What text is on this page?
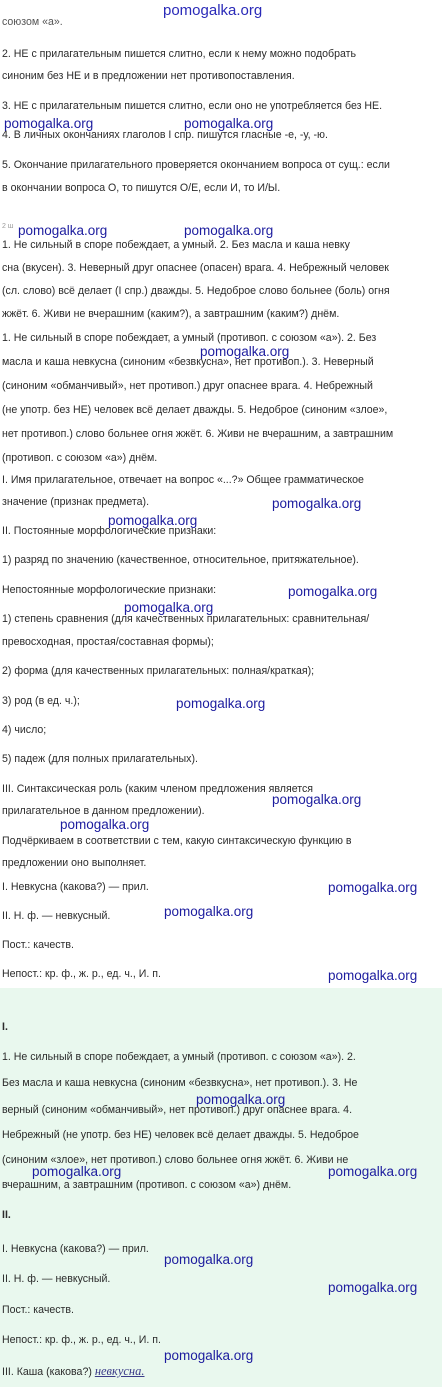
pomogalka.org
союзом «а».
2. НЕ с прилагательным пишется слитно, если к нему можно подобрать
синоним без НЕ и в предложении нет противопоставления.
3. НЕ с прилагательным пишется слитно, если оно не употребляется без НЕ.
4. В личных окончаниях глаголов I спр. пишутся гласные -е, -у, -ю.
5. Окончание прилагательного проверяется окончанием вопроса от сущ.: если
в окончании вопроса О, то пишутся О/Е, если И, то И/Ы.
pomogalka.org	pomogalka.org
2 ш pomogalka.org	pomogalka.org
1. Не сильный в споре побеждает, а умный. 2. Без масла и каша невку
сна (вкусен). 3. Неверный друг опаснее (опасен) врага. 4. Небрежный человек
(сл. слово) всё делает (I спр.) дважды. 5. Недоброе слово больнее (боль) огня
жжёт. 6. Живи не вчерашним (каким?), а завтрашним (каким?) днём.
1. Не сильный в споре побеждает, а умный (противоп. с союзом «а»). 2. Без
pomogalka.org
масла и каша невкусна (синоним «безвкусна», нет противоп.). 3. Неверный
(синоним «обманчивый», нет противоп.) друг опаснее врага. 4. Небрежный
(не употр. без НЕ) человек всё делает дважды. 5. Недоброе (синоним «злое»,
нет противоп.) слово больнее огня жжёт. 6. Живи не вчерашним, а завтрашним
(противоп. с союзом «а») днём.
I. Имя прилагательное, отвечает на вопрос «...?» Общее грамматическое
значение (признак предмета).	pomogalka.org
pomogalka.org
II. Постоянные морфологические признаки:
1) разряд по значению (качественное, относительное, притяжательное).
Непостоянные морфологические признаки:	pomogalka.org
pomogalka.org
1) степень сравнения (для качественных прилагательных: сравнительная/
превосходная, простая/составная формы);
2) форма (для качественных прилагательных: полная/краткая);
3) род (в ед. ч.);	pomogalka.org
4) число;
5) падеж (для полных прилагательных).
III. Синтаксическая роль (каким членом предложения является
pomogalka.org
прилагательное в данном предложении).
pomogalka.org
Подчёркиваем в соответствии с тем, какую синтаксическую функцию в
предложении оно выполняет.
I. Невкусна (какова?) — прил.	pomogalka.org
pomogalka.org
II. Н. ф. — невкусный.
Пост.: качеств.
Непост.: кр. ф., ж. р., ед. ч., И. п.	pomogalka.org
I.
1. Не сильный в споре побеждает, а умный (противоп. с союзом «а»). 2.
Без масла и каша невкусна (синоним «безвкусна», нет противоп.). 3. Не
pomogalka.org
верный (синоним «обманчивый», нет противоп.) друг опаснее врага. 4.
Небрежный (не употр. без НЕ) человек всё делает дважды. 5. Недоброе
(синоним «злое», нет противоп.) слово больнее огня жжёт. 6. Живи не
pomogalka.org
вчерашним, а завтрашним (противоп. с союзом «а») днём.
pomogalka.org
II.
I. Невкусна (какова?) — прил.
pomogalka.org
II. Н. ф. — невкусный.
pomogalka.org
Пост.: качеств.
Непост.: кр. ф., ж. р., ед. ч., И. п.
pomogalka.org
III. Каша (какова?) невкусна.
